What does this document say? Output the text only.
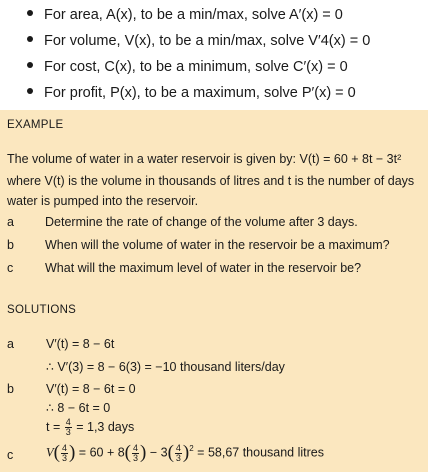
For area, A(x), to be a min/max, solve A′(x) = 0
For volume, V(x), to be a min/max, solve V′4(x) = 0
For cost, C(x), to be a minimum, solve C′(x) = 0
For profit, P(x), to be a maximum, solve P′(x) = 0
EXAMPLE
The volume of water in a water reservoir is given by: V(t) = 60 + 8t − 3t²
where V(t) is the volume in thousands of litres and t is the number of days
water is pumped into the reservoir.
a Determine the rate of change of the volume after 3 days.
b When will the volume of water in the reservoir be a maximum?
c	What will the maximum level of water in the reservoir be?
SOLUTIONS
a	V′(t) = 8 − 6t
∴ V′(3) = 8 − 6(3) = −10 thousand liters/day
b	V′(t) = 8 − 6t = 0
∴ 8 − 6t = 0
$t = \frac{4}{3} = 1,3$ days
c	$V( \frac{4}{3}$ ) = $60 + 8( \frac{4}{3}$ ) − $3( \frac{4}{3} )^2 = 58,67$ thousand litres
